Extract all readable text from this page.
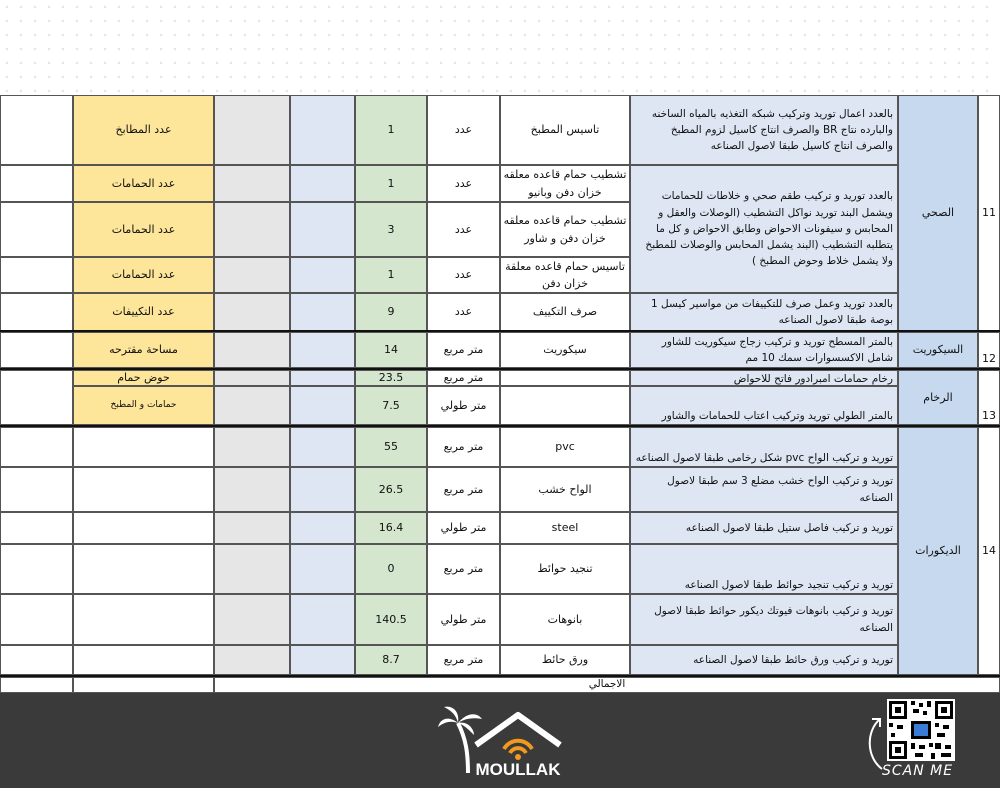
11
الصحي
بالعدد اعمال توريد وتركيب شبكه التغذيه بالمياه الساخنه والبارده نتاج BR والصرف انتاج كاسيل لزوم المطبخ والصرف انتاج كاسيل طبقا لاصول الصناعه
بالعدد توريد و تركيب طقم صحي و خلاطات للحمامات ويشمل البند توريد نواكل التشطيب (الوصلات والعقل و المحابس و سيفونات الاحواض وطابق الاحواض و كل ما يتطلبه التشطيب (البند يشمل المحابس والوصلات للمطبخ ولا يشمل خلاط وحوض المطبخ )
بالعدد توريد وعمل صرف للتكييفات من مواسير كيسل 1 بوصة طبقا لاصول الصناعه
تاسيس المطبخ
عدد
1
عدد المطابخ
تشطيب حمام قاعده معلقه خزان دفن وبانيو
عدد
1
عدد الحمامات
تشطيب حمام قاعده معلقه خزان دفن و شاور
عدد
3
عدد الحمامات
تاسيس حمام قاعده معلقة خزان دفن
عدد
1
عدد الحمامات
صرف التكييف
عدد
9
عدد التكييفات
12
السيكوريت
بالمتر المسطح توريد و تركيب زجاج سيكوريت للشاور شامل الاكسسوارات سمك 10 مم
سيكوريت
متر مربع
14
مساحة مقترحه
13
الرخام
رخام حمامات امبرادور فاتح للاحواض
بالمتر الطولي توريد وتركيب اعتاب للحمامات والشاور
متر مربع
متر طولي
23.5
7.5
حوض حمام
حمامات و المطبخ
14
الديكورات
توريد و تركيب الواح pvc شكل رخامى طبقا لاصول الصناعه
pvc
متر مربع
55
توريد و تركيب الواح خشب مضلع 3 سم طبقا لاصول الصناعه
الواح خشب
متر مربع
26.5
توريد و تركيب فاصل ستيل طبقا لاصول الصناعه
steel
متر طولي
16.4
توريد و تركيب تنجيد حوائط طبقا لاصول الصناعه
تنجيد حوائط
متر مربع
0
توريد و تركيب بانوهات فيوتك ديكور حوائط طبقا لاصول الصناعه
بانوهات
متر طولي
140.5
توريد و تركيب ورق حائط طبقا لاصول الصناعه
ورق حائط
متر مربع
8.7
الاجمالي
MOULLAK	SCAN ME
